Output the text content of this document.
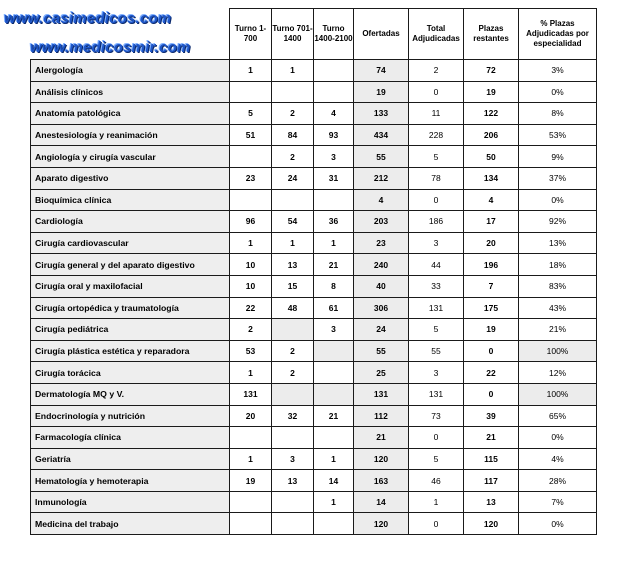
www.casimedicos.com
www.medicosmir.com
	Turno 1-700	Turno 701-1400	Turno 1400-2100	Ofertadas	Total Adjudicadas	Plazas restantes	% Plazas Adjudicadas por especialidad
Alergología	1	1		74	2	72	3%
Análisis clínicos				19	0	19	0%
Anatomía patológica	5	2	4	133	11	122	8%
Anestesiología y reanimación	51	84	93	434	228	206	53%
Angiología y cirugía vascular		2	3	55	5	50	9%
Aparato digestivo	23	24	31	212	78	134	37%
Bioquímica clínica				4	0	4	0%
Cardiología	96	54	36	203	186	17	92%
Cirugía cardiovascular	1	1	1	23	3	20	13%
Cirugía general y del aparato digestivo	10	13	21	240	44	196	18%
Cirugía oral y maxilofacial	10	15	8	40	33	7	83%
Cirugía ortopédica y traumatología	22	48	61	306	131	175	43%
Cirugía pediátrica	2		3	24	5	19	21%
Cirugía plástica estética y reparadora	53	2		55	55	0	100%
Cirugía torácica	1	2		25	3	22	12%
Dermatología MQ y V.	131			131	131	0	100%
Endocrinología y nutrición	20	32	21	112	73	39	65%
Farmacología clínica				21	0	21	0%
Geriatría	1	3	1	120	5	115	4%
Hematología y hemoterapia	19	13	14	163	46	117	28%
Inmunología			1	14	1	13	7%
Medicina del trabajo				120	0	120	0%
